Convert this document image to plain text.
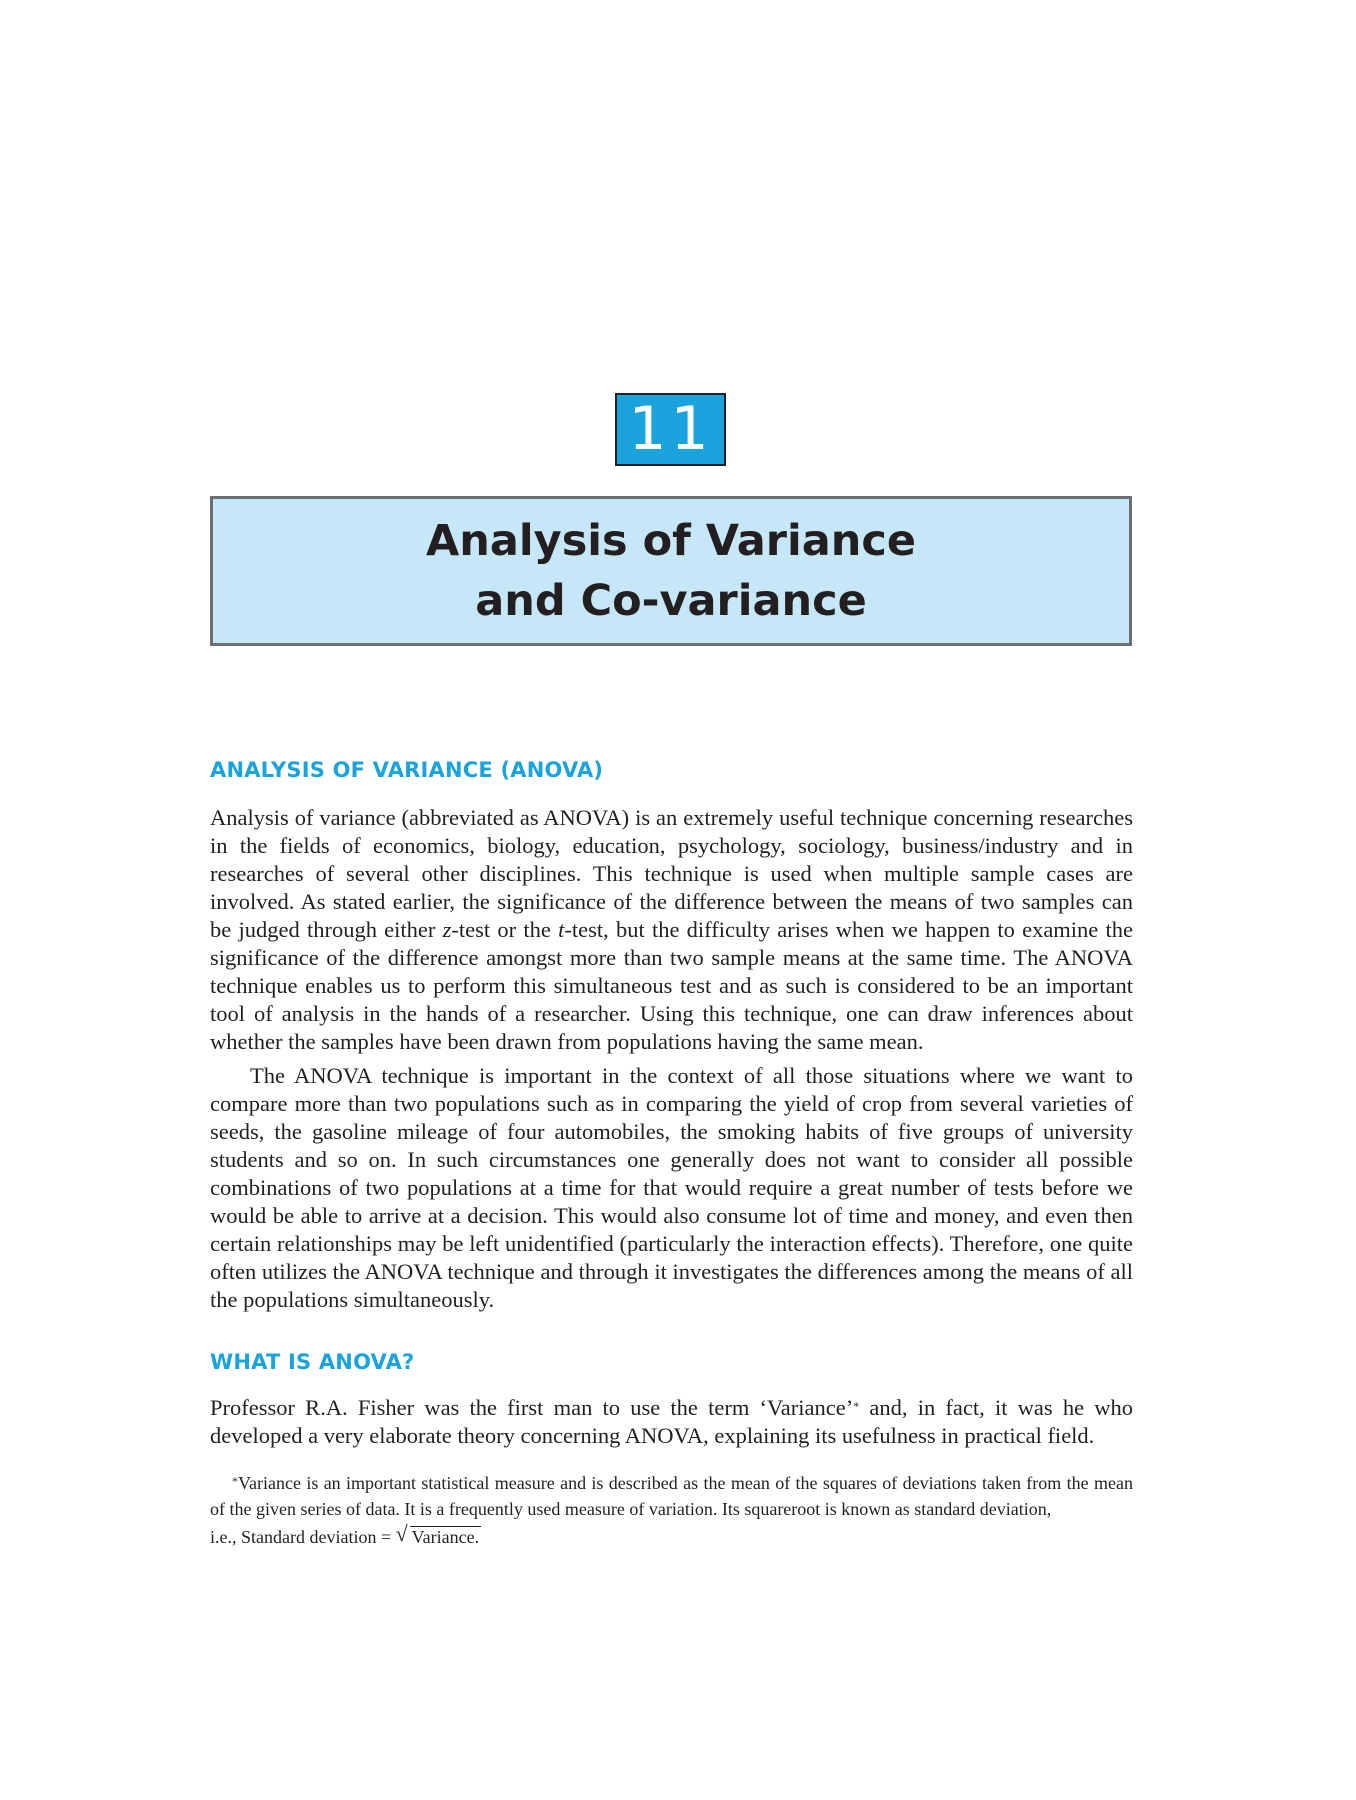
11
Analysis of Variance
and Co-variance
ANALYSIS OF VARIANCE (ANOVA)

Analysis of variance (abbreviated as ANOVA) is an extremely useful technique concerning researches in the fields of economics, biology, education, psychology, sociology, business/industry and in researches of several other disciplines. This technique is used when multiple sample cases are involved. As stated earlier, the significance of the difference between the means of two samples can be judged through either z-test or the t-test, but the difficulty arises when we happen to examine the significance of the difference amongst more than two sample means at the same time. The ANOVA technique enables us to perform this simultaneous test and as such is considered to be an important tool of analysis in the hands of a researcher. Using this technique, one can draw inferences about whether the samples have been drawn from populations having the same mean.

The ANOVA technique is important in the context of all those situations where we want to compare more than two populations such as in comparing the yield of crop from several varieties of seeds, the gasoline mileage of four automobiles, the smoking habits of five groups of university students and so on. In such circumstances one generally does not want to consider all possible combinations of two populations at a time for that would require a great number of tests before we would be able to arrive at a decision. This would also consume lot of time and money, and even then certain relationships may be left unidentified (particularly the interaction effects). Therefore, one quite often utilizes the ANOVA technique and through it investigates the differences among the means of all the populations simultaneously.

WHAT IS ANOVA?

Professor R.A. Fisher was the first man to use the term ‘Variance’* and, in fact, it was he who developed a very elaborate theory concerning ANOVA, explaining its usefulness in practical field.

*Variance is an important statistical measure and is described as the mean of the squares of deviations taken from the mean of the given series of data. It is a frequently used measure of variation. Its squareroot is known as standard deviation,

i.e., Standard deviation = √ Variance.
